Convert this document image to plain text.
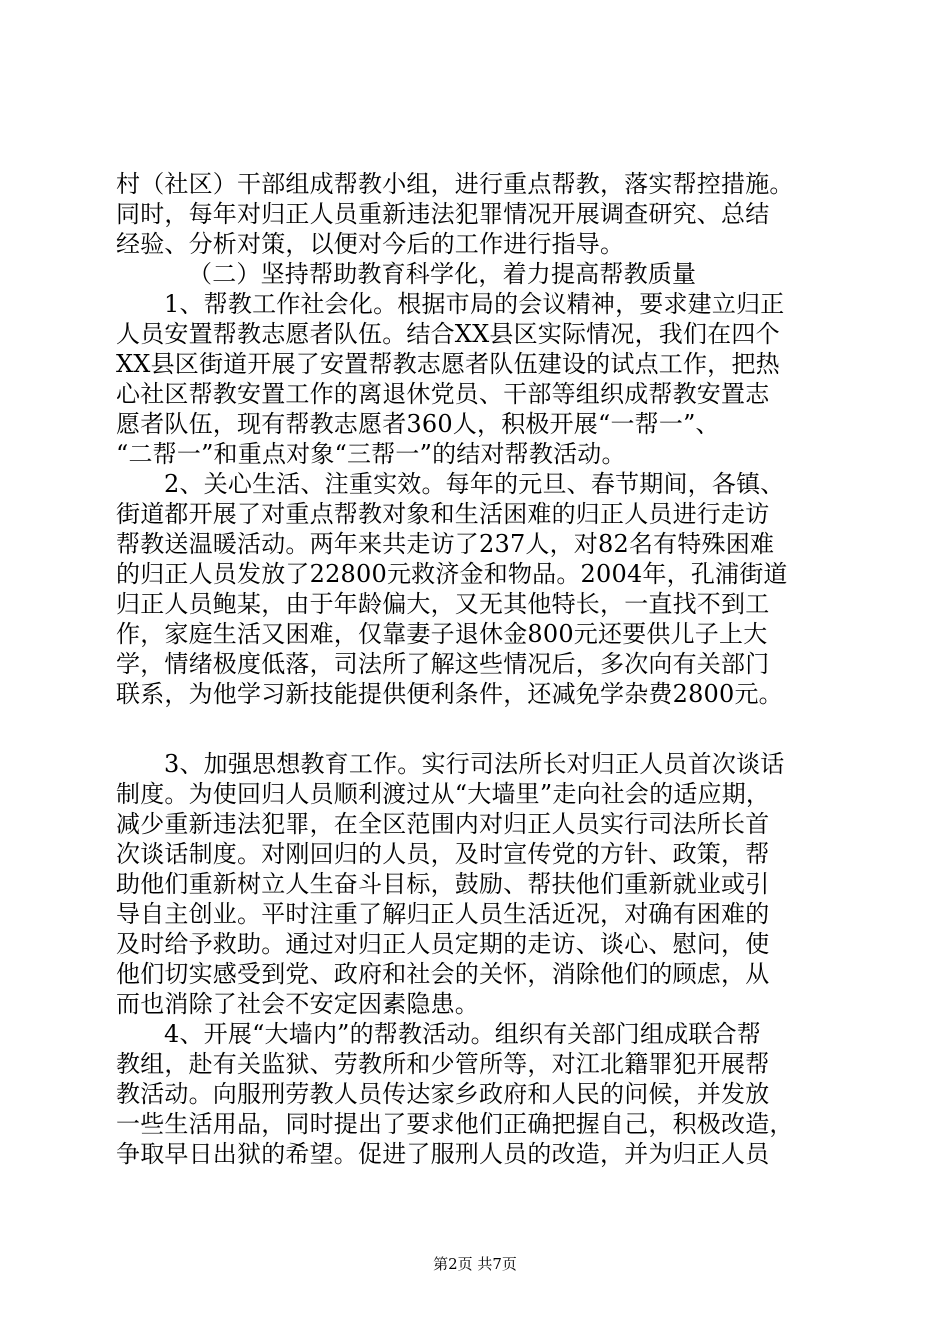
村（社区）干部组成帮教小组，进行重点帮教，落实帮控措施。
同时，每年对归正人员重新违法犯罪情况开展调查研究、总结
经验、分析对策，以便对今后的工作进行指导。
（二）坚持帮助教育科学化，着力提高帮教质量
1、帮教工作社会化。根据市局的会议精神，要求建立归正
人员安置帮教志愿者队伍。结合XX县区实际情况，我们在四个
XX县区街道开展了安置帮教志愿者队伍建设的试点工作，把热
心社区帮教安置工作的离退休党员、干部等组织成帮教安置志
愿者队伍，现有帮教志愿者360人，积极开展“一帮一”、
“二帮一”和重点对象“三帮一”的结对帮教活动。
2、关心生活、注重实效。每年的元旦、春节期间，各镇、
街道都开展了对重点帮教对象和生活困难的归正人员进行走访
帮教送温暖活动。两年来共走访了237人，对82名有特殊困难
的归正人员发放了22800元救济金和物品。2004年，孔浦街道
归正人员鲍某，由于年龄偏大，又无其他特长，一直找不到工
作，家庭生活又困难，仅靠妻子退休金800元还要供儿子上大
学，情绪极度低落，司法所了解这些情况后，多次向有关部门
联系，为他学习新技能提供便利条件，还减免学杂费2800元。
3、加强思想教育工作。实行司法所长对归正人员首次谈话
制度。为使回归人员顺利渡过从“大墙里”走向社会的适应期，
减少重新违法犯罪，在全区范围内对归正人员实行司法所长首
次谈话制度。对刚回归的人员，及时宣传党的方针、政策，帮
助他们重新树立人生奋斗目标，鼓励、帮扶他们重新就业或引
导自主创业。平时注重了解归正人员生活近况，对确有困难的
及时给予救助。通过对归正人员定期的走访、谈心、慰问，使
他们切实感受到党、政府和社会的关怀，消除他们的顾虑，从
而也消除了社会不安定因素隐患。
4、开展“大墙内”的帮教活动。组织有关部门组成联合帮
教组，赴有关监狱、劳教所和少管所等，对江北籍罪犯开展帮
教活动。向服刑劳教人员传达家乡政府和人民的问候，并发放
一些生活用品，同时提出了要求他们正确把握自己，积极改造，
争取早日出狱的希望。促进了服刑人员的改造，并为归正人员
第2页 共7页
